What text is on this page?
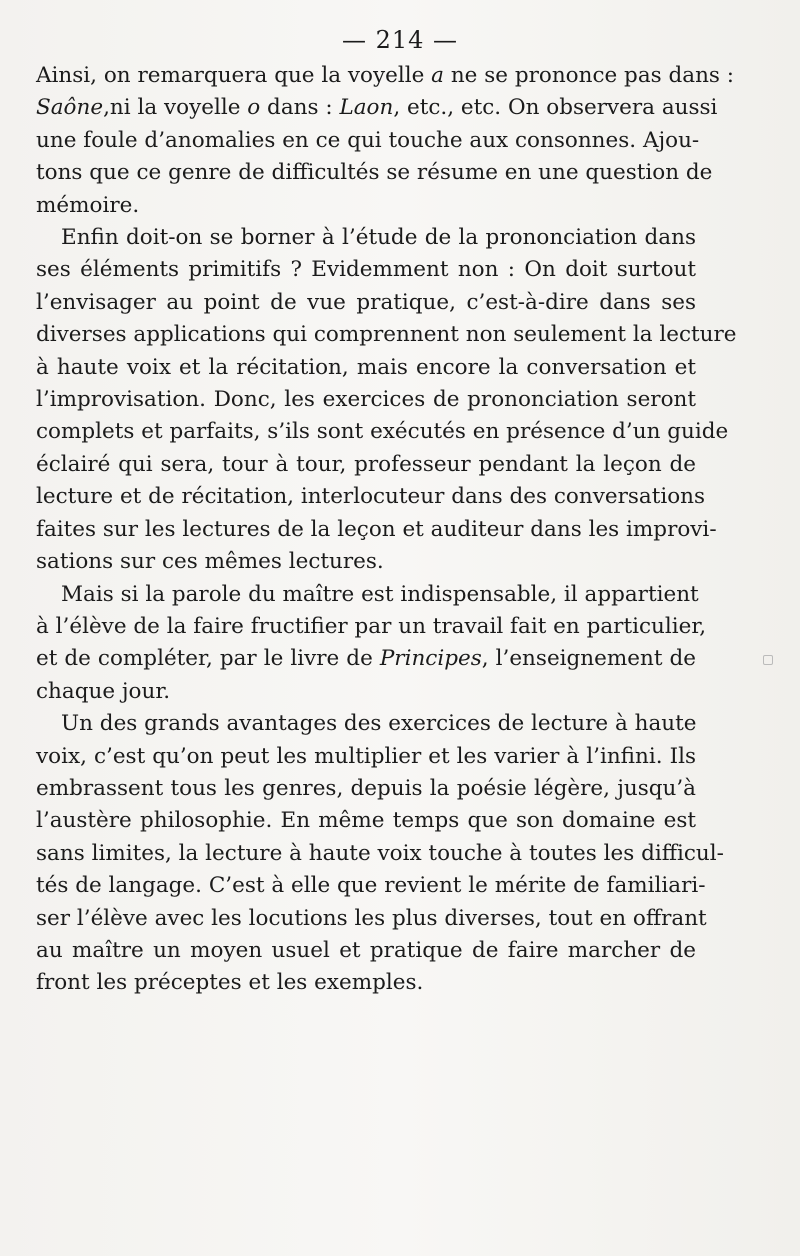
— 214 —
Ainsi, on remarquera que la voyelle a ne se prononce pas dans :
Saône,ni la voyelle o dans : Laon, etc., etc. On observera aussi
une foule d’anomalies en ce qui touche aux consonnes. Ajou-
tons que ce genre de difficultés se résume en une question de
mémoire.
Enfin doit-on se borner à l’étude de la prononciation dans
ses éléments primitifs ? Evidemment non : On doit surtout
l’envisager au point de vue pratique, c’est-à-dire dans ses
diverses applications qui comprennent non seulement la lecture
à haute voix et la récitation, mais encore la conversation et
l’improvisation. Donc, les exercices de prononciation seront
complets et parfaits, s’ils sont exécutés en présence d’un guide
éclairé qui sera, tour à tour, professeur pendant la leçon de
lecture et de récitation, interlocuteur dans des conversations
faites sur les lectures de la leçon et auditeur dans les improvi-
sations sur ces mêmes lectures.
Mais si la parole du maître est indispensable, il appartient
à l’élève de la faire fructifier par un travail fait en particulier,
et de compléter, par le livre de Principes, l’enseignement de
chaque jour.
Un des grands avantages des exercices de lecture à haute
voix, c’est qu’on peut les multiplier et les varier à l’infini. Ils
embrassent tous les genres, depuis la poésie légère, jusqu’à
l’austère philosophie. En même temps que son domaine est
sans limites, la lecture à haute voix touche à toutes les difficul-
tés de langage. C’est à elle que revient le mérite de familiari-
ser l’élève avec les locutions les plus diverses, tout en offrant
au maître un moyen usuel et pratique de faire marcher de
front les préceptes et les exemples.
